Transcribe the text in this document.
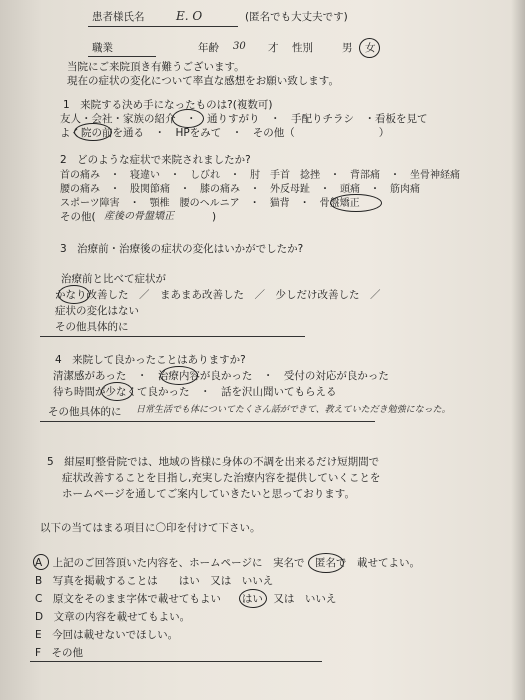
患者様氏名	E. O	(匿名でも大丈夫です)
職業	年齢 30 才 性別	男 女
当院にご来院頂き有難うございます。
現在の症状の変化について率直な感想をお願い致します。
1　来院する決め手になったものは?(複数可)
友人・会社・家族の紹介　・　通りすがり　・　手配りチラシ　・看板を見て
よく院の前を通る　・　HPをみて　・　その他（　　　　　　　　）
2　どのような症状で来院されましたか?
首の痛み　・　寝違い　・　しびれ　・　肘　手首　捻挫　・　背部痛　・　坐骨神経痛
腰の痛み　・　股関節痛　・　膝の痛み　・　外反母趾　・　頭痛　・　筋肉痛
スポーツ障害　・　顎椎　腰のヘルニア　・　猫背　・　骨盤矯正
その他( 産後の骨盤矯正	)
3　治療前・治療後の症状の変化はいかがでしたか?
治療前と比べて症状が
かなり改善した　／　まあまあ改善した　／　少しだけ改善した　／
症状の変化はない
その他具体的に
4　来院して良かったことはありますか?
清潔感があった　・　治療内容が良かった　・　受付の対応が良かった
待ち時間が少なくて良かった　・　話を沢山聞いてもらえる
その他具体的に 日常生活でも体についてたくさん話ができて、教えていただき勉強になった。
5　紺屋町整骨院では、地域の皆様に身体の不調を出来るだけ短期間で
症状改善することを目指し,充実した治療内容を提供していくことを
ホームページを通してご案内していきたいと思っております。
以下の当てはまる項目に〇印を付けて下さい。
A　上記のご回答頂いた内容を、ホームページに　実名で　匿名で　載せてよい。
B　写真を掲載することは　　はい　又は　いいえ
C　原文をそのまま字体で載せてもよい　　はい　又は　いいえ
D　文章の内容を載せてもよい。
E　今回は載せないでほしい。
F　その他
